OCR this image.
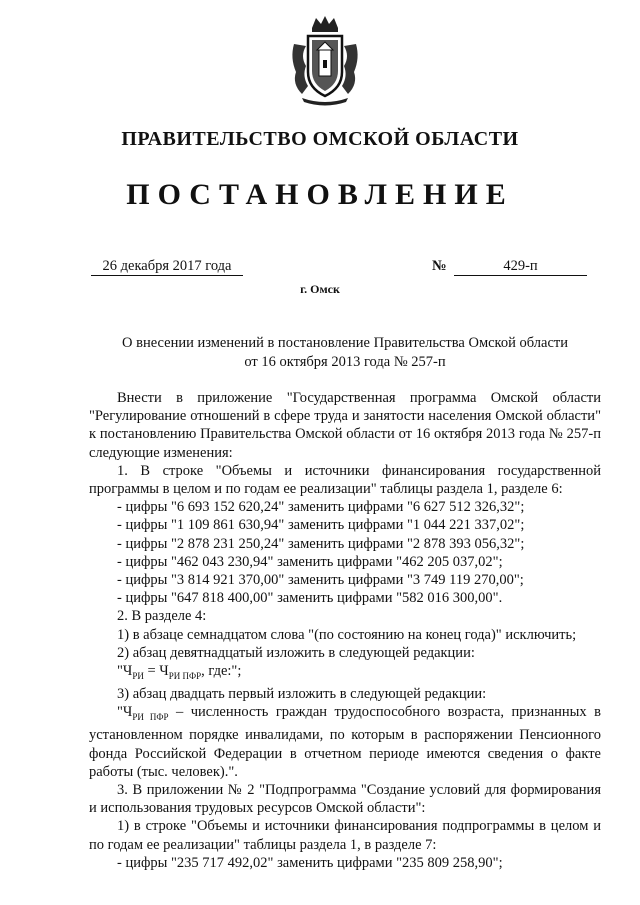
ПРАВИТЕЛЬСТВО ОМСКОЙ ОБЛАСТИ
ПОСТАНОВЛЕНИЕ
26 декабря 2017 года	№	429-п
г. Омск
О внесении изменений в постановление Правительства Омской области
от 16 октября 2013 года № 257-п

Внести в приложение "Государственная программа Омской области "Регулирование отношений в сфере труда и занятости населения Омской области" к постановлению Правительства Омской области от 16 октября 2013 года № 257-п следующие изменения:

1. В строке "Объемы и источники финансирования государственной программы в целом и по годам ее реализации" таблицы раздела 1, разделе 6:

- цифры "6 693 152 620,24" заменить цифрами "6 627 512 326,32";

- цифры "1 109 861 630,94" заменить цифрами "1 044 221 337,02";

- цифры "2 878 231 250,24" заменить цифрами "2 878 393 056,32";

- цифры "462 043 230,94" заменить цифрами "462 205 037,02";

- цифры "3 814 921 370,00" заменить цифрами "3 749 119 270,00";

- цифры "647 818 400,00" заменить цифрами "582 016 300,00".

2. В разделе 4:

1) в абзаце семнадцатом слова "(по состоянию на конец года)" исключить;

2) абзац девятнадцатый изложить в следующей редакции:

"$Ч_{РИ} = Ч_{РИ ПФР}$, где:";

3) абзац двадцать первый изложить в следующей редакции:

"$Ч_{РИ ПФР}$ – численность граждан трудоспособного возраста, признанных в установленном порядке инвалидами, по которым в распоряжении Пенсионного фонда Российской Федерации в отчетном периоде имеются сведения о факте работы (тыс. человек).".

3. В приложении № 2 "Подпрограмма "Создание условий для формирования и использования трудовых ресурсов Омской области":

1) в строке "Объемы и источники финансирования подпрограммы в целом и по годам ее реализации" таблицы раздела 1, в разделе 7:

- цифры "235 717 492,02" заменить цифрами "235 809 258,90";
